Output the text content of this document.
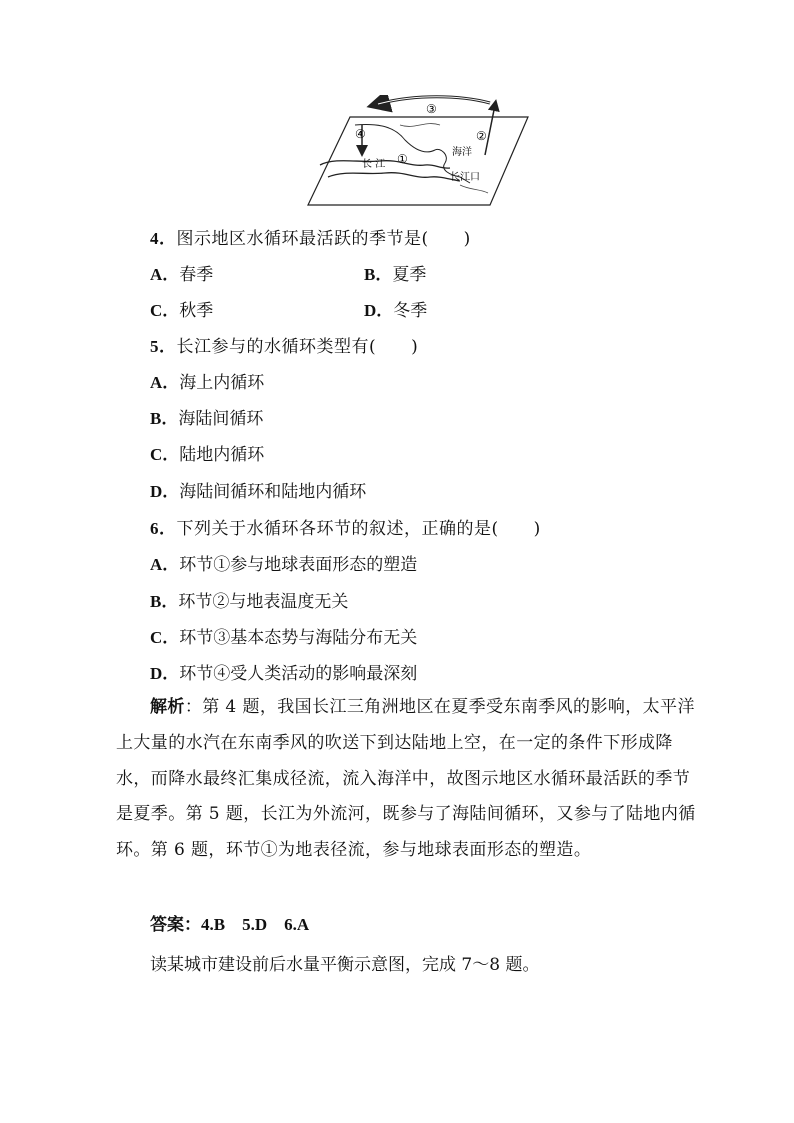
③
②
④
①	海洋
长 江
长江口
4．图示地区水循环最活跃的季节是(　　)
A．春季	B．夏季
C．秋季	D．冬季
5．长江参与的水循环类型有(　　)
A．海上内循环
B．海陆间循环
C．陆地内循环
D．海陆间循环和陆地内循环
6．下列关于水循环各环节的叙述，正确的是(　　)
A．环节①参与地球表面形态的塑造
B．环节②与地表温度无关
C．环节③基本态势与海陆分布无关
D．环节④受人类活动的影响最深刻
解析：第 4 题，我国长江三角洲地区在夏季受东南季风的影响，太平洋上大量的水汽在东南季风的吹送下到达陆地上空，在一定的条件下形成降水，而降水最终汇集成径流，流入海洋中，故图示地区水循环最活跃的季节是夏季。第 5 题，长江为外流河，既参与了海陆间循环，又参与了陆地内循环。第 6 题，环节①为地表径流，参与地球表面形态的塑造。
答案：4.B　5.D　6.A
读某城市建设前后水量平衡示意图，完成 7～8 题。
